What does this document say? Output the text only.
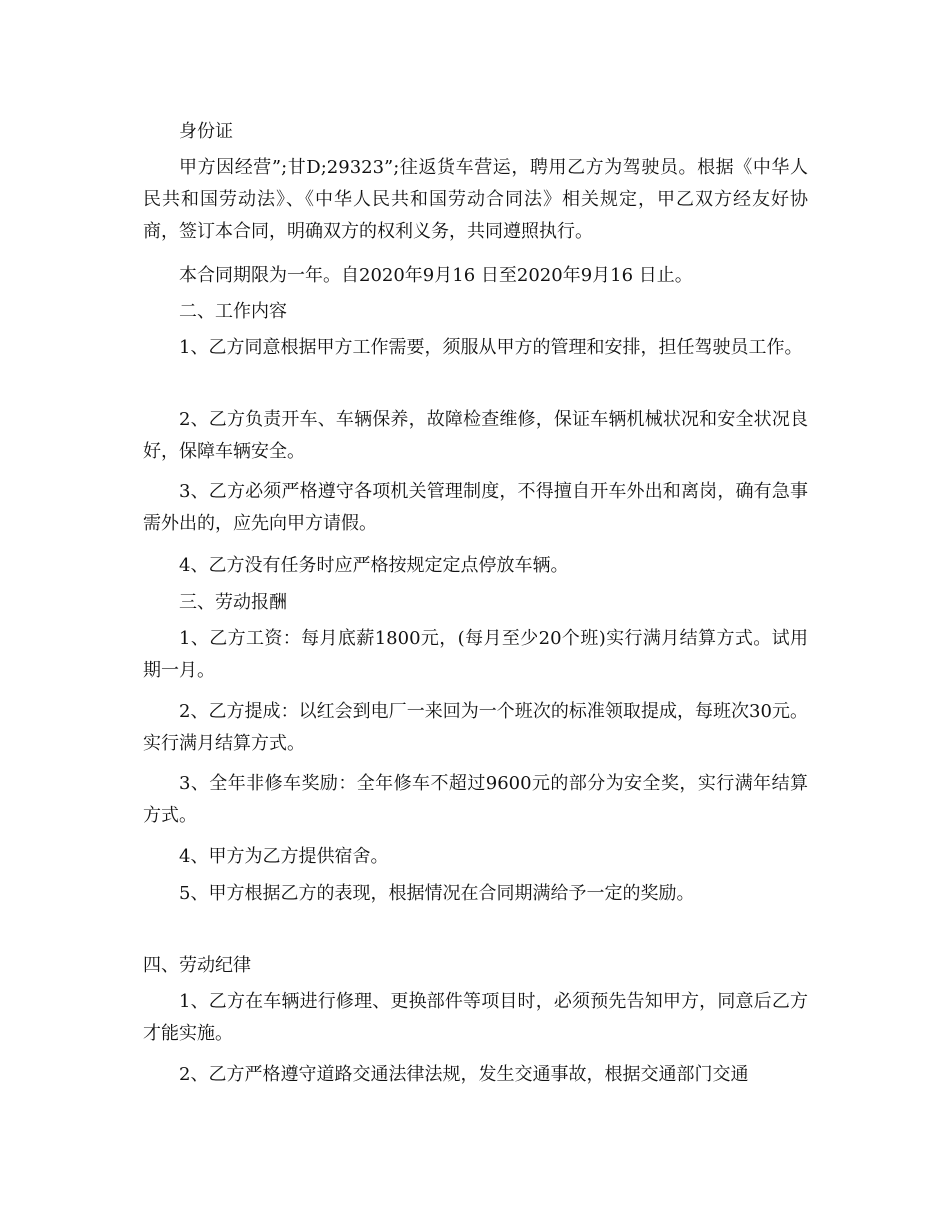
身份证

甲方因经营”;甘D;29323”;往返货车营运，聘用乙方为驾驶员。根据《中华人民共和国劳动法》、《中华人民共和国劳动合同法》相关规定，甲乙双方经友好协商，签订本合同，明确双方的权利义务，共同遵照执行。

本合同期限为一年。自2020年9月16 日至2020年9月16 日止。

二、工作内容

1、乙方同意根据甲方工作需要，须服从甲方的管理和安排，担任驾驶员工作。

2、乙方负责开车、车辆保养，故障检查维修，保证车辆机械状况和安全状况良好，保障车辆安全。

3、乙方必须严格遵守各项机关管理制度，不得擅自开车外出和离岗，确有急事需外出的，应先向甲方请假。

4、乙方没有任务时应严格按规定定点停放车辆。

三、劳动报酬

1、乙方工资：每月底薪1800元，(每月至少20个班)实行满月结算方式。试用期一月。

2、乙方提成：以红会到电厂一来回为一个班次的标准领取提成，每班次30元。实行满月结算方式。

3、全年非修车奖励：全年修车不超过9600元的部分为安全奖，实行满年结算方式。

4、甲方为乙方提供宿舍。

5、甲方根据乙方的表现，根据情况在合同期满给予一定的奖励。

四、劳动纪律

1、乙方在车辆进行修理、更换部件等项目时，必须预先告知甲方，同意后乙方才能实施。

2、乙方严格遵守道路交通法律法规，发生交通事故，根据交通部门交通
